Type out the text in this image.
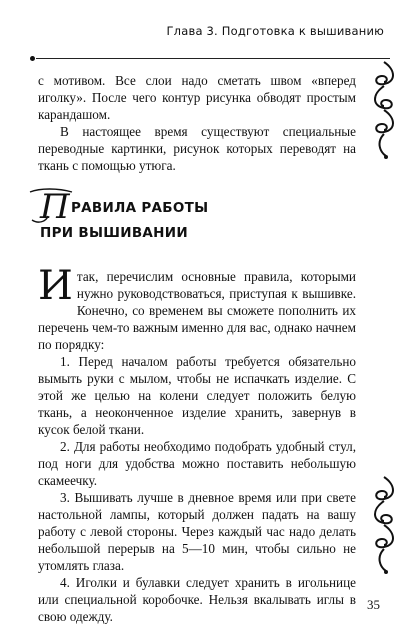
Глава 3. Подготовка к вышиванию

с мотивом. Все слои надо сметать швом «вперед иголку». После чего контур рисунка обводят простым карандашом.

В настоящее время существуют специальные переводные картинки, рисунок которых переводят на ткань с помощью утюга.

ПРАВИЛА РАБОТЫ
ПРИ ВЫШИВАНИИ

Итак, перечислим основные правила, которыми нужно руководствоваться, приступая к вышивке. Конечно, со временем вы сможете пополнить их перечень чем-то важным именно для вас, однако начнем по порядку:

1. Перед началом работы требуется обязательно вымыть руки с мылом, чтобы не испачкать изделие. С этой же целью на колени следует положить белую ткань, а неоконченное изделие хранить, завернув в кусок белой ткани.

2. Для работы необходимо подобрать удобный стул, под ноги для удобства можно поставить небольшую скамеечку.

3. Вышивать лучше в дневное время или при свете настольной лампы, который должен падать на вашу работу с левой стороны. Через каждый час надо делать небольшой перерыв на 5—10 мин, чтобы сильно не утомлять глаза.

4. Иголки и булавки следует хранить в игольнице или специальной коробочке. Нельзя вкалывать иглы в свою одежду.

35
